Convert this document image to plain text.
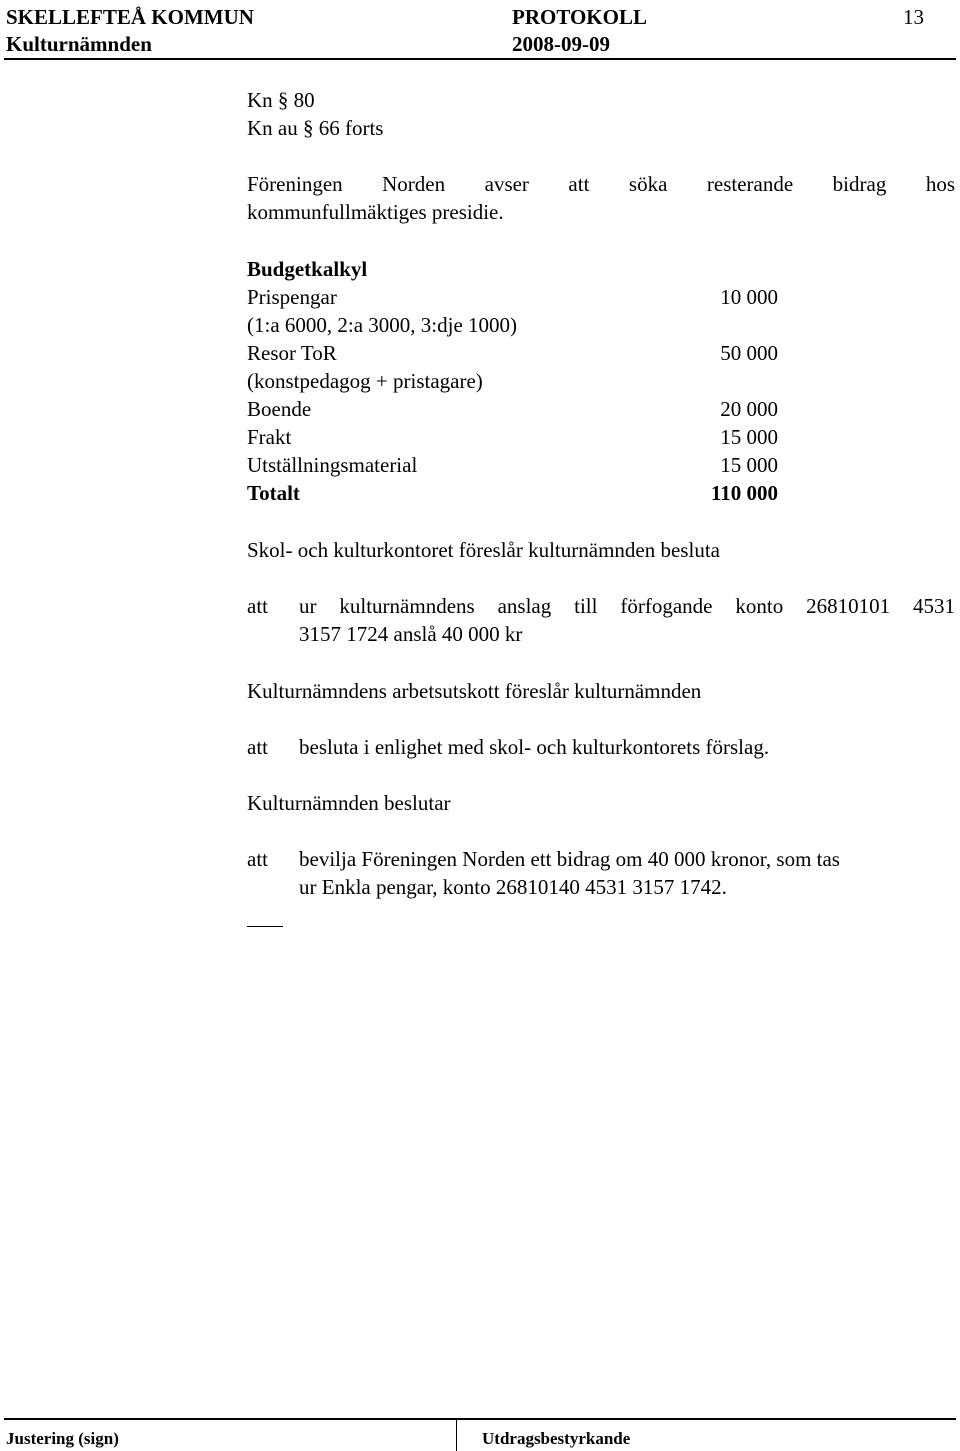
SKELLEFTEÅ KOMMUN	PROTOKOLL	13
Kulturnämnden	2008-09-09
Kn § 80
Kn au § 66 forts
Föreningen Norden avser att söka resterande bidrag hos
kommunfullmäktiges presidie.
Budgetkalkyl
Prispengar	10 000
(1:a 6000, 2:a 3000, 3:dje 1000)
Resor ToR	50 000
(konstpedagog + pristagare)
Boende	20 000
Frakt	15 000
Utställningsmaterial	15 000
Totalt	110 000
Skol- och kulturkontoret föreslår kulturnämnden besluta
att ur kulturnämndens anslag till förfogande konto 26810101 4531
3157 1724 anslå 40 000 kr
Kulturnämndens arbetsutskott föreslår kulturnämnden
att besluta i enlighet med skol- och kulturkontorets förslag.
Kulturnämnden beslutar
att bevilja Föreningen Norden ett bidrag om 40 000 kronor, som tas
ur Enkla pengar, konto 26810140 4531 3157 1742.
Justering (sign)	Utdragsbestyrkande
